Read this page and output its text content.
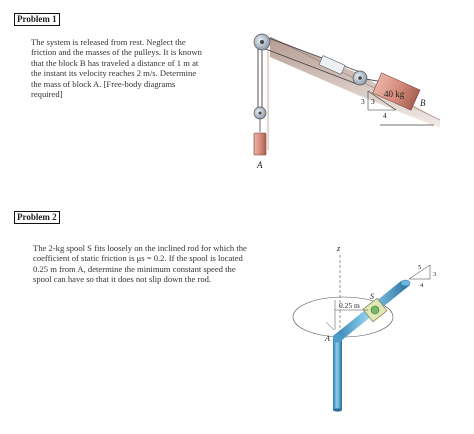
Problem 1
The system is released from rest. Neglect the
friction and the masses of the pulleys. It is known
that the block B has traveled a distance of 1 m at
the instant its velocity reaches 2 m/s. Determine
the mass of block A. [Free-body diagrams
required]
A
40 kg
B
3 3
4
Problem 2
The 2-kg spool S fits loosely on the inclined rod for which the
coefficient of static friction is μs = 0.2. If the spool is located
0.25 m from A, determine the minimum constant speed the
spool can have so that it does not slip down the rod.
z
S
0.25 m
A
5
3
4
